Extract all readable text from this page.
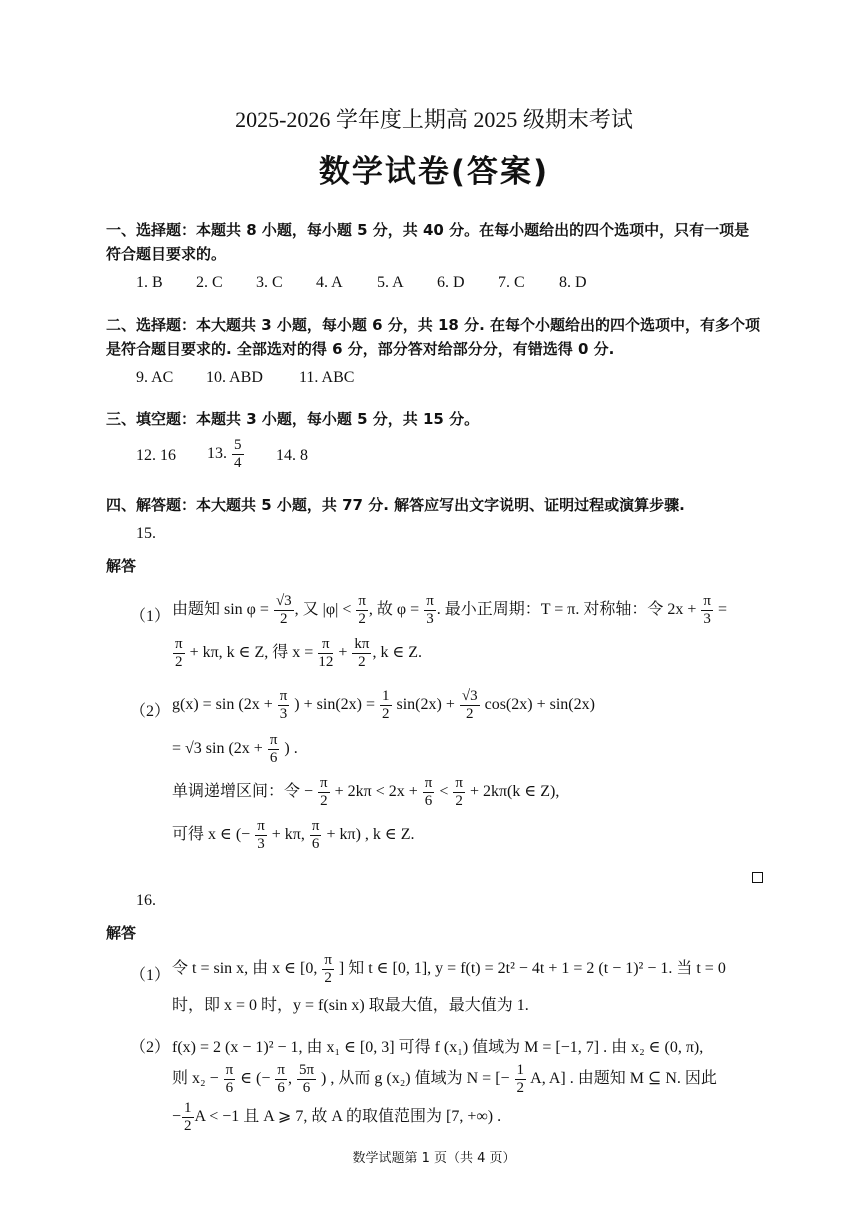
2025-2026 学年度上期高 2025 级期末考试
数学试卷(答案)
一、选择题：本题共 8 小题，每小题 5 分，共 40 分。在每小题给出的四个选项中，只有一项是
符合题目要求的。
1. B 2. C 3. C 4. A 5. A 6. D 7. C 8. D
二、选择题：本大题共 3 小题，每小题 6 分，共 18 分. 在每个小题给出的四个选项中，有多个项
是符合题目要求的. 全部选对的得 6 分，部分答对给部分分，有错选得 0 分.
9. AC 10. ABD 11. ABC
三、填空题：本题共 3 小题，每小题 5 分，共 15 分。
12. 16 13. $\frac{5}{4} 14$. 8
四、解答题：本大题共 5 小题，共 77 分. 解答应写出文字说明、证明过程或演算步骤.
15.
解答
（1） 由题知 $\sin \varphi = \frac{√3}{2}$ , 又 $|\varphi| < \frac{\pi}{2}$ , 故 $\varphi = \frac{\pi}{3}$ . 最小正周期：T = π. 对称轴：令 $2x + \frac{\pi}{3}$ =
$\frac{\pi}{2} + k\pi$, k ∈ Z, 得 $x = \frac{\pi}{12} + \frac{k\pi}{2}$ , k ∈ Z.
（2） $g(x) = \sin (2x + \frac{\pi}{3}$ ) + $\sin(2x) = \frac{1}{2} \sin(2x) + \frac{√3}{2} \cos(2x) + \sin(2x)$
= √3 $\sin (2x + \frac{\pi}{6}$ ) .
单调递增区间：令 − $\frac{\pi}{2} + 2k\pi < 2x + \frac{\pi}{6} < \frac{\pi}{2} + 2k\pi(k$ ∈ Z),
可得 x ∈ (− $\frac{\pi}{3} + k\pi$, $\frac{\pi}{6} + k\pi$) , k ∈ Z.
16.
解答
（1） 令 t = sin x, 由 x ∈ [0, $\frac{\pi}{2}$ ] 知 t ∈ [0, 1], y = f(t) = 2t² − 4t + 1 = 2 (t − 1)² − 1. 当 t = 0
时，即 x = 0 时，y = f(sin x) 取最大值，最大值为 1.
（2） f(x) = 2 (x − 1)² − 1, 由 x₁ ∈ [0, 3] 可得 f (x₁) 值域为 M = [−1, 7] . 由 x₂ ∈ (0, π),
则 $x_2 - \frac{\pi}{6}$ ∈ (− $\frac{\pi}{6}$ , $\frac{5\pi}{6}$ ) , 从而 g (x₂) 值域为 N = [− $\frac{1}{2} A$, A] . 由题知 M ⊆ N. 因此
− $\frac{1}{2}$ A < −1 且 A ⩾ 7, 故 A 的取值范围为 [7, +∞) .
数学试题第 1 页（共 4 页）
